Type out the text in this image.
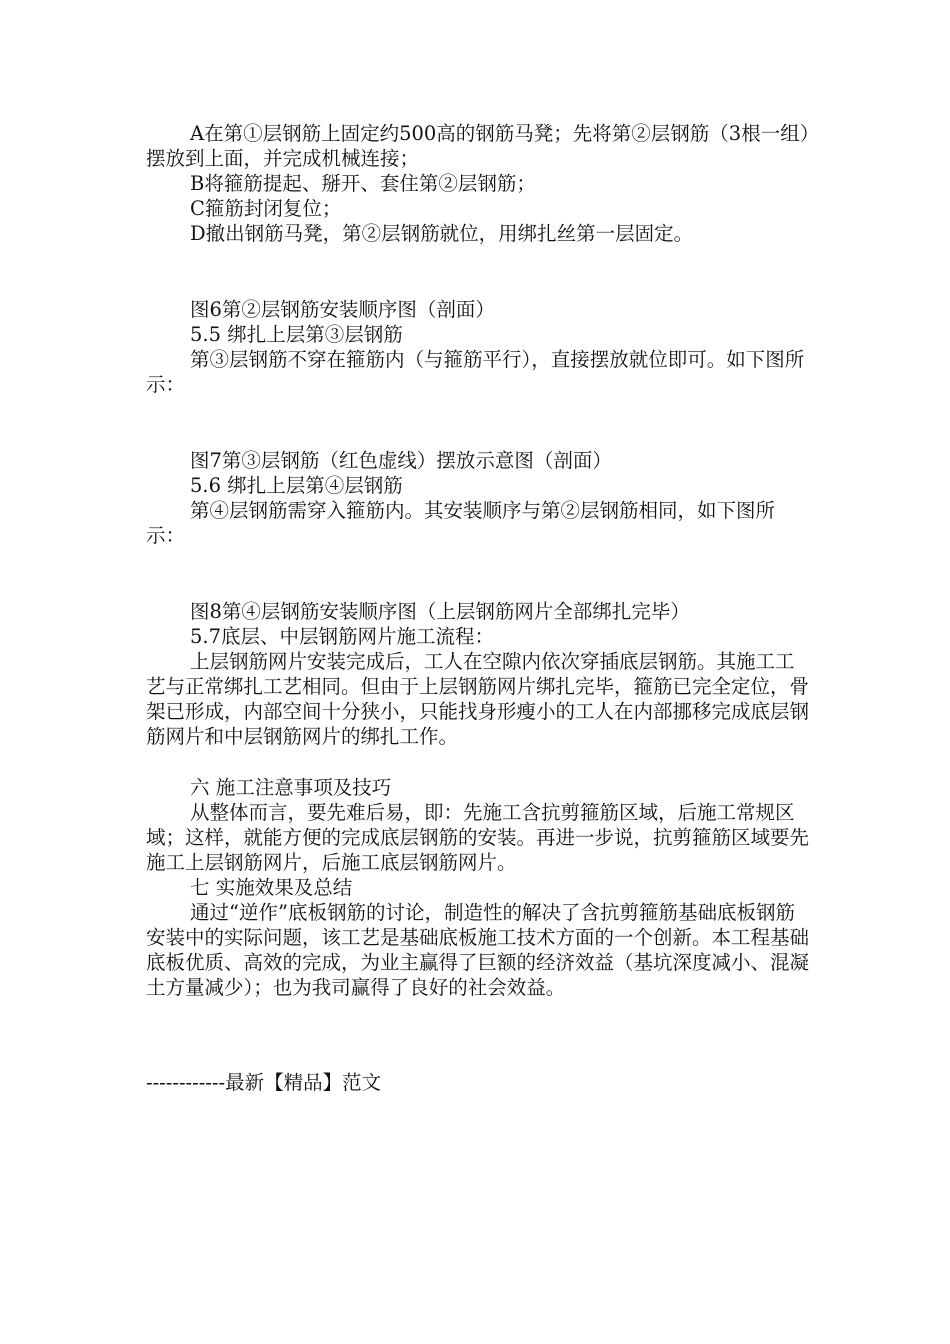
A在第①层钢筋上固定约500高的钢筋马凳；先将第②层钢筋（3根一组）摆放到上面，并完成机械连接；

B将箍筋提起、掰开、套住第②层钢筋；

C箍筋封闭复位；

D撤出钢筋马凳，第②层钢筋就位，用绑扎丝第一层固定。

图6第②层钢筋安装顺序图（剖面）

5.5 绑扎上层第③层钢筋

第③层钢筋不穿在箍筋内（与箍筋平行），直接摆放就位即可。如下图所示：

图7第③层钢筋（红色虚线）摆放示意图（剖面）

5.6 绑扎上层第④层钢筋

第④层钢筋需穿入箍筋内。其安装顺序与第②层钢筋相同，如下图所示：

图8第④层钢筋安装顺序图（上层钢筋网片全部绑扎完毕）

5.7底层、中层钢筋网片施工流程：

上层钢筋网片安装完成后，工人在空隙内依次穿插底层钢筋。其施工工艺与正常绑扎工艺相同。但由于上层钢筋网片绑扎完毕，箍筋已完全定位，骨架已形成，内部空间十分狭小，只能找身形瘦小的工人在内部挪移完成底层钢筋网片和中层钢筋网片的绑扎工作。

六 施工注意事项及技巧

从整体而言，要先难后易，即：先施工含抗剪箍筋区域，后施工常规区域；这样，就能方便的完成底层钢筋的安装。再进一步说，抗剪箍筋区域要先施工上层钢筋网片，后施工底层钢筋网片。

七 实施效果及总结

通过“逆作”底板钢筋的讨论，制造性的解决了含抗剪箍筋基础底板钢筋安装中的实际问题，该工艺是基础底板施工技术方面的一个创新。本工程基础底板优质、高效的完成，为业主赢得了巨额的经济效益（基坑深度减小、混凝土方量减少）；也为我司赢得了良好的社会效益。

------------最新【精品】范文
